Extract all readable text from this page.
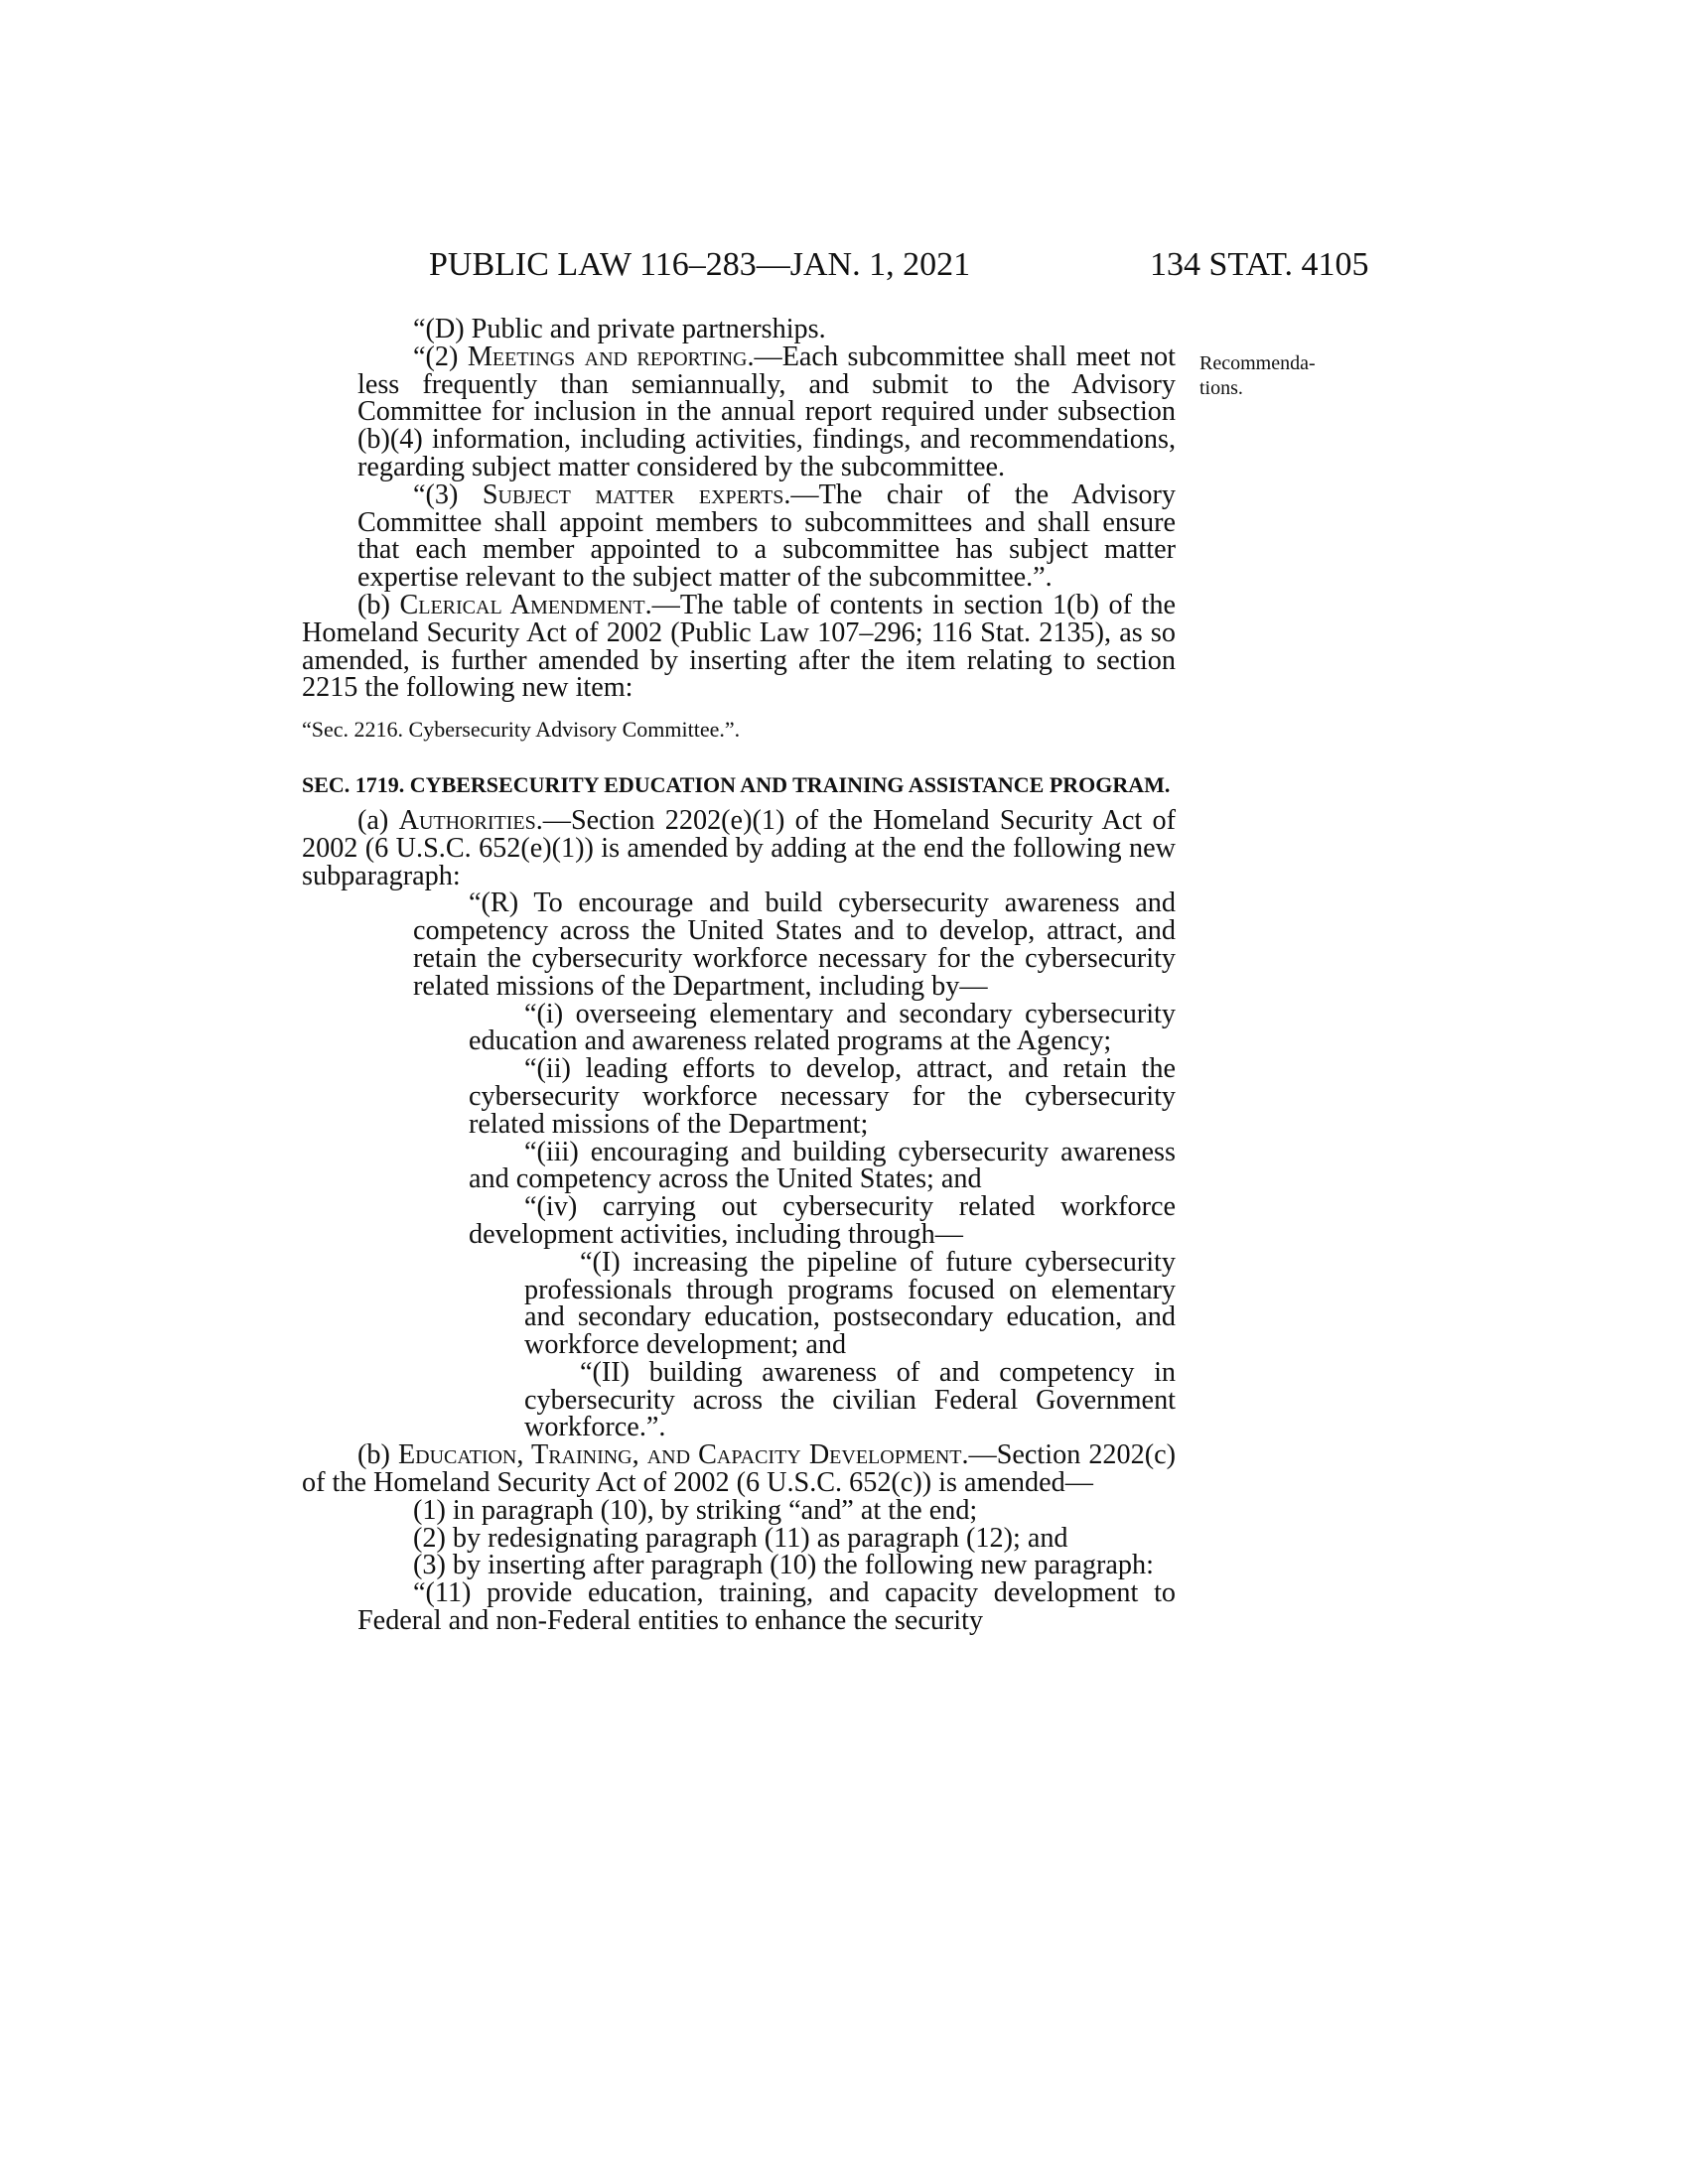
PUBLIC LAW 116–283—JAN. 1, 2021	134 STAT. 4105
Recommenda-
tions.

“(D) Public and private partnerships.

“(2) Meetings and reporting.—Each subcommittee shall meet not less frequently than semiannually, and submit to the Advisory Committee for inclusion in the annual report required under subsection (b)(4) information, including activities, findings, and recommendations, regarding subject matter considered by the subcommittee.

“(3) Subject matter experts.—The chair of the Advisory Committee shall appoint members to subcommittees and shall ensure that each member appointed to a subcommittee has subject matter expertise relevant to the subject matter of the subcommittee.”.

(b) Clerical Amendment.—The table of contents in section 1(b) of the Homeland Security Act of 2002 (Public Law 107–296; 116 Stat. 2135), as so amended, is further amended by inserting after the item relating to section 2215 the following new item:

“Sec. 2216. Cybersecurity Advisory Committee.”.

SEC. 1719. CYBERSECURITY EDUCATION AND TRAINING ASSISTANCE PROGRAM.

(a) Authorities.—Section 2202(e)(1) of the Homeland Security Act of 2002 (6 U.S.C. 652(e)(1)) is amended by adding at the end the following new subparagraph:

“(R) To encourage and build cybersecurity awareness and competency across the United States and to develop, attract, and retain the cybersecurity workforce necessary for the cybersecurity related missions of the Department, including by—

“(i) overseeing elementary and secondary cybersecurity education and awareness related programs at the Agency;

“(ii) leading efforts to develop, attract, and retain the cybersecurity workforce necessary for the cybersecurity related missions of the Department;

“(iii) encouraging and building cybersecurity awareness and competency across the United States; and

“(iv) carrying out cybersecurity related workforce development activities, including through—

“(I) increasing the pipeline of future cybersecurity professionals through programs focused on elementary and secondary education, postsecondary education, and workforce development; and

“(II) building awareness of and competency in cybersecurity across the civilian Federal Government workforce.”.

(b) Education, Training, and Capacity Development.—Section 2202(c) of the Homeland Security Act of 2002 (6 U.S.C. 652(c)) is amended—

(1) in paragraph (10), by striking “and” at the end;

(2) by redesignating paragraph (11) as paragraph (12); and

(3) by inserting after paragraph (10) the following new paragraph:

“(11) provide education, training, and capacity development to Federal and non-Federal entities to enhance the security
